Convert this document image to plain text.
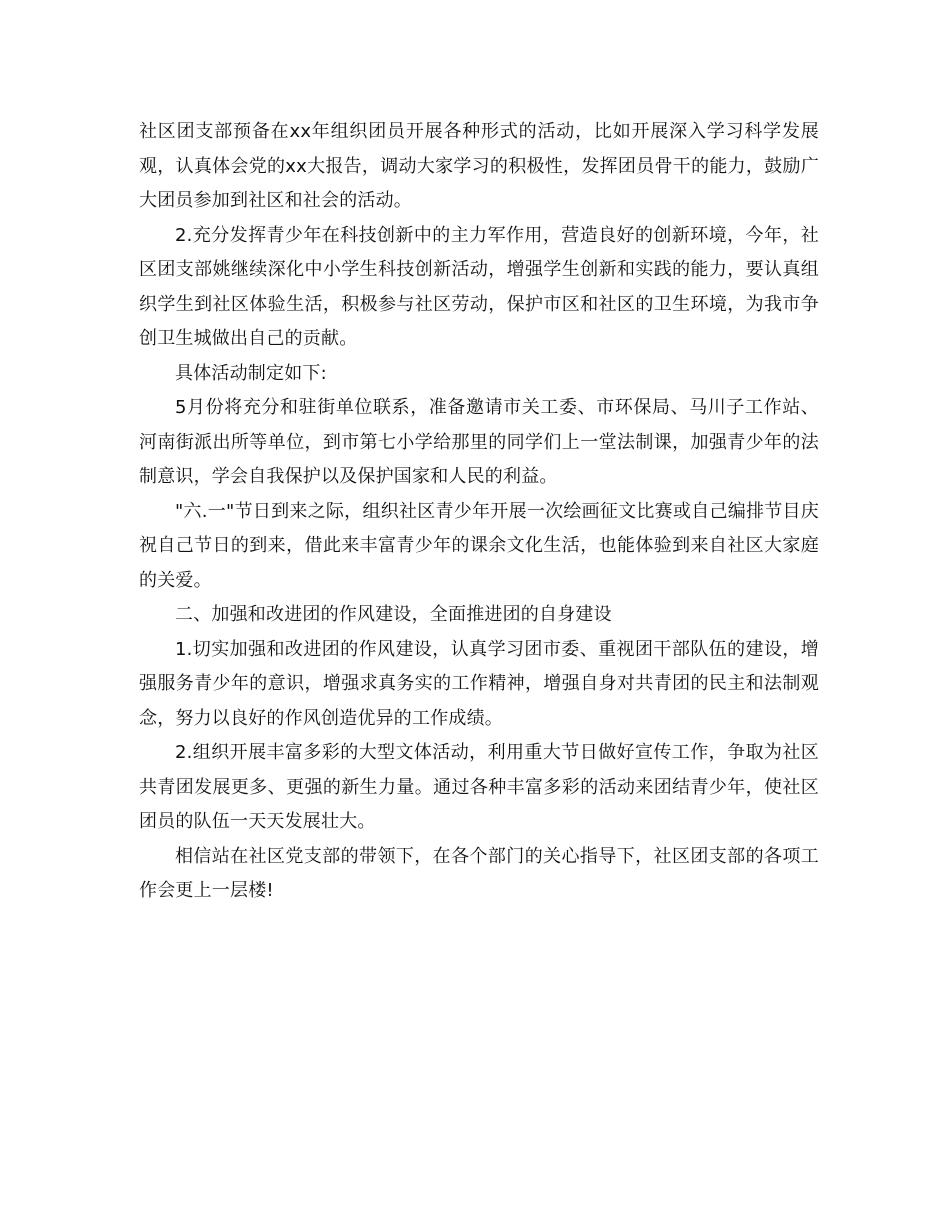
社区团支部预备在xx年组织团员开展各种形式的活动，比如开展深入学习科学发展观，认真体会党的xx大报告，调动大家学习的积极性，发挥团员骨干的能力，鼓励广大团员参加到社区和社会的活动。

2.充分发挥青少年在科技创新中的主力军作用，营造良好的创新环境，今年，社区团支部姚继续深化中小学生科技创新活动，增强学生创新和实践的能力，要认真组织学生到社区体验生活，积极参与社区劳动，保护市区和社区的卫生环境，为我市争创卫生城做出自己的贡献。

具体活动制定如下:

5月份将充分和驻街单位联系，准备邀请市关工委、市环保局、马川子工作站、河南街派出所等单位，到市第七小学给那里的同学们上一堂法制课，加强青少年的法制意识，学会自我保护以及保护国家和人民的利益。

"六.一"节日到来之际，组织社区青少年开展一次绘画征文比赛或自己编排节目庆祝自己节日的到来，借此来丰富青少年的课余文化生活，也能体验到来自社区大家庭的关爱。

二、加强和改进团的作风建设，全面推进团的自身建设

1.切实加强和改进团的作风建设，认真学习团市委、重视团干部队伍的建设，增强服务青少年的意识，增强求真务实的工作精神，增强自身对共青团的民主和法制观念，努力以良好的作风创造优异的工作成绩。

2.组织开展丰富多彩的大型文体活动，利用重大节日做好宣传工作，争取为社区共青团发展更多、更强的新生力量。通过各种丰富多彩的活动来团结青少年，使社区团员的队伍一天天发展壮大。

相信站在社区党支部的带领下，在各个部门的关心指导下，社区团支部的各项工作会更上一层楼!
